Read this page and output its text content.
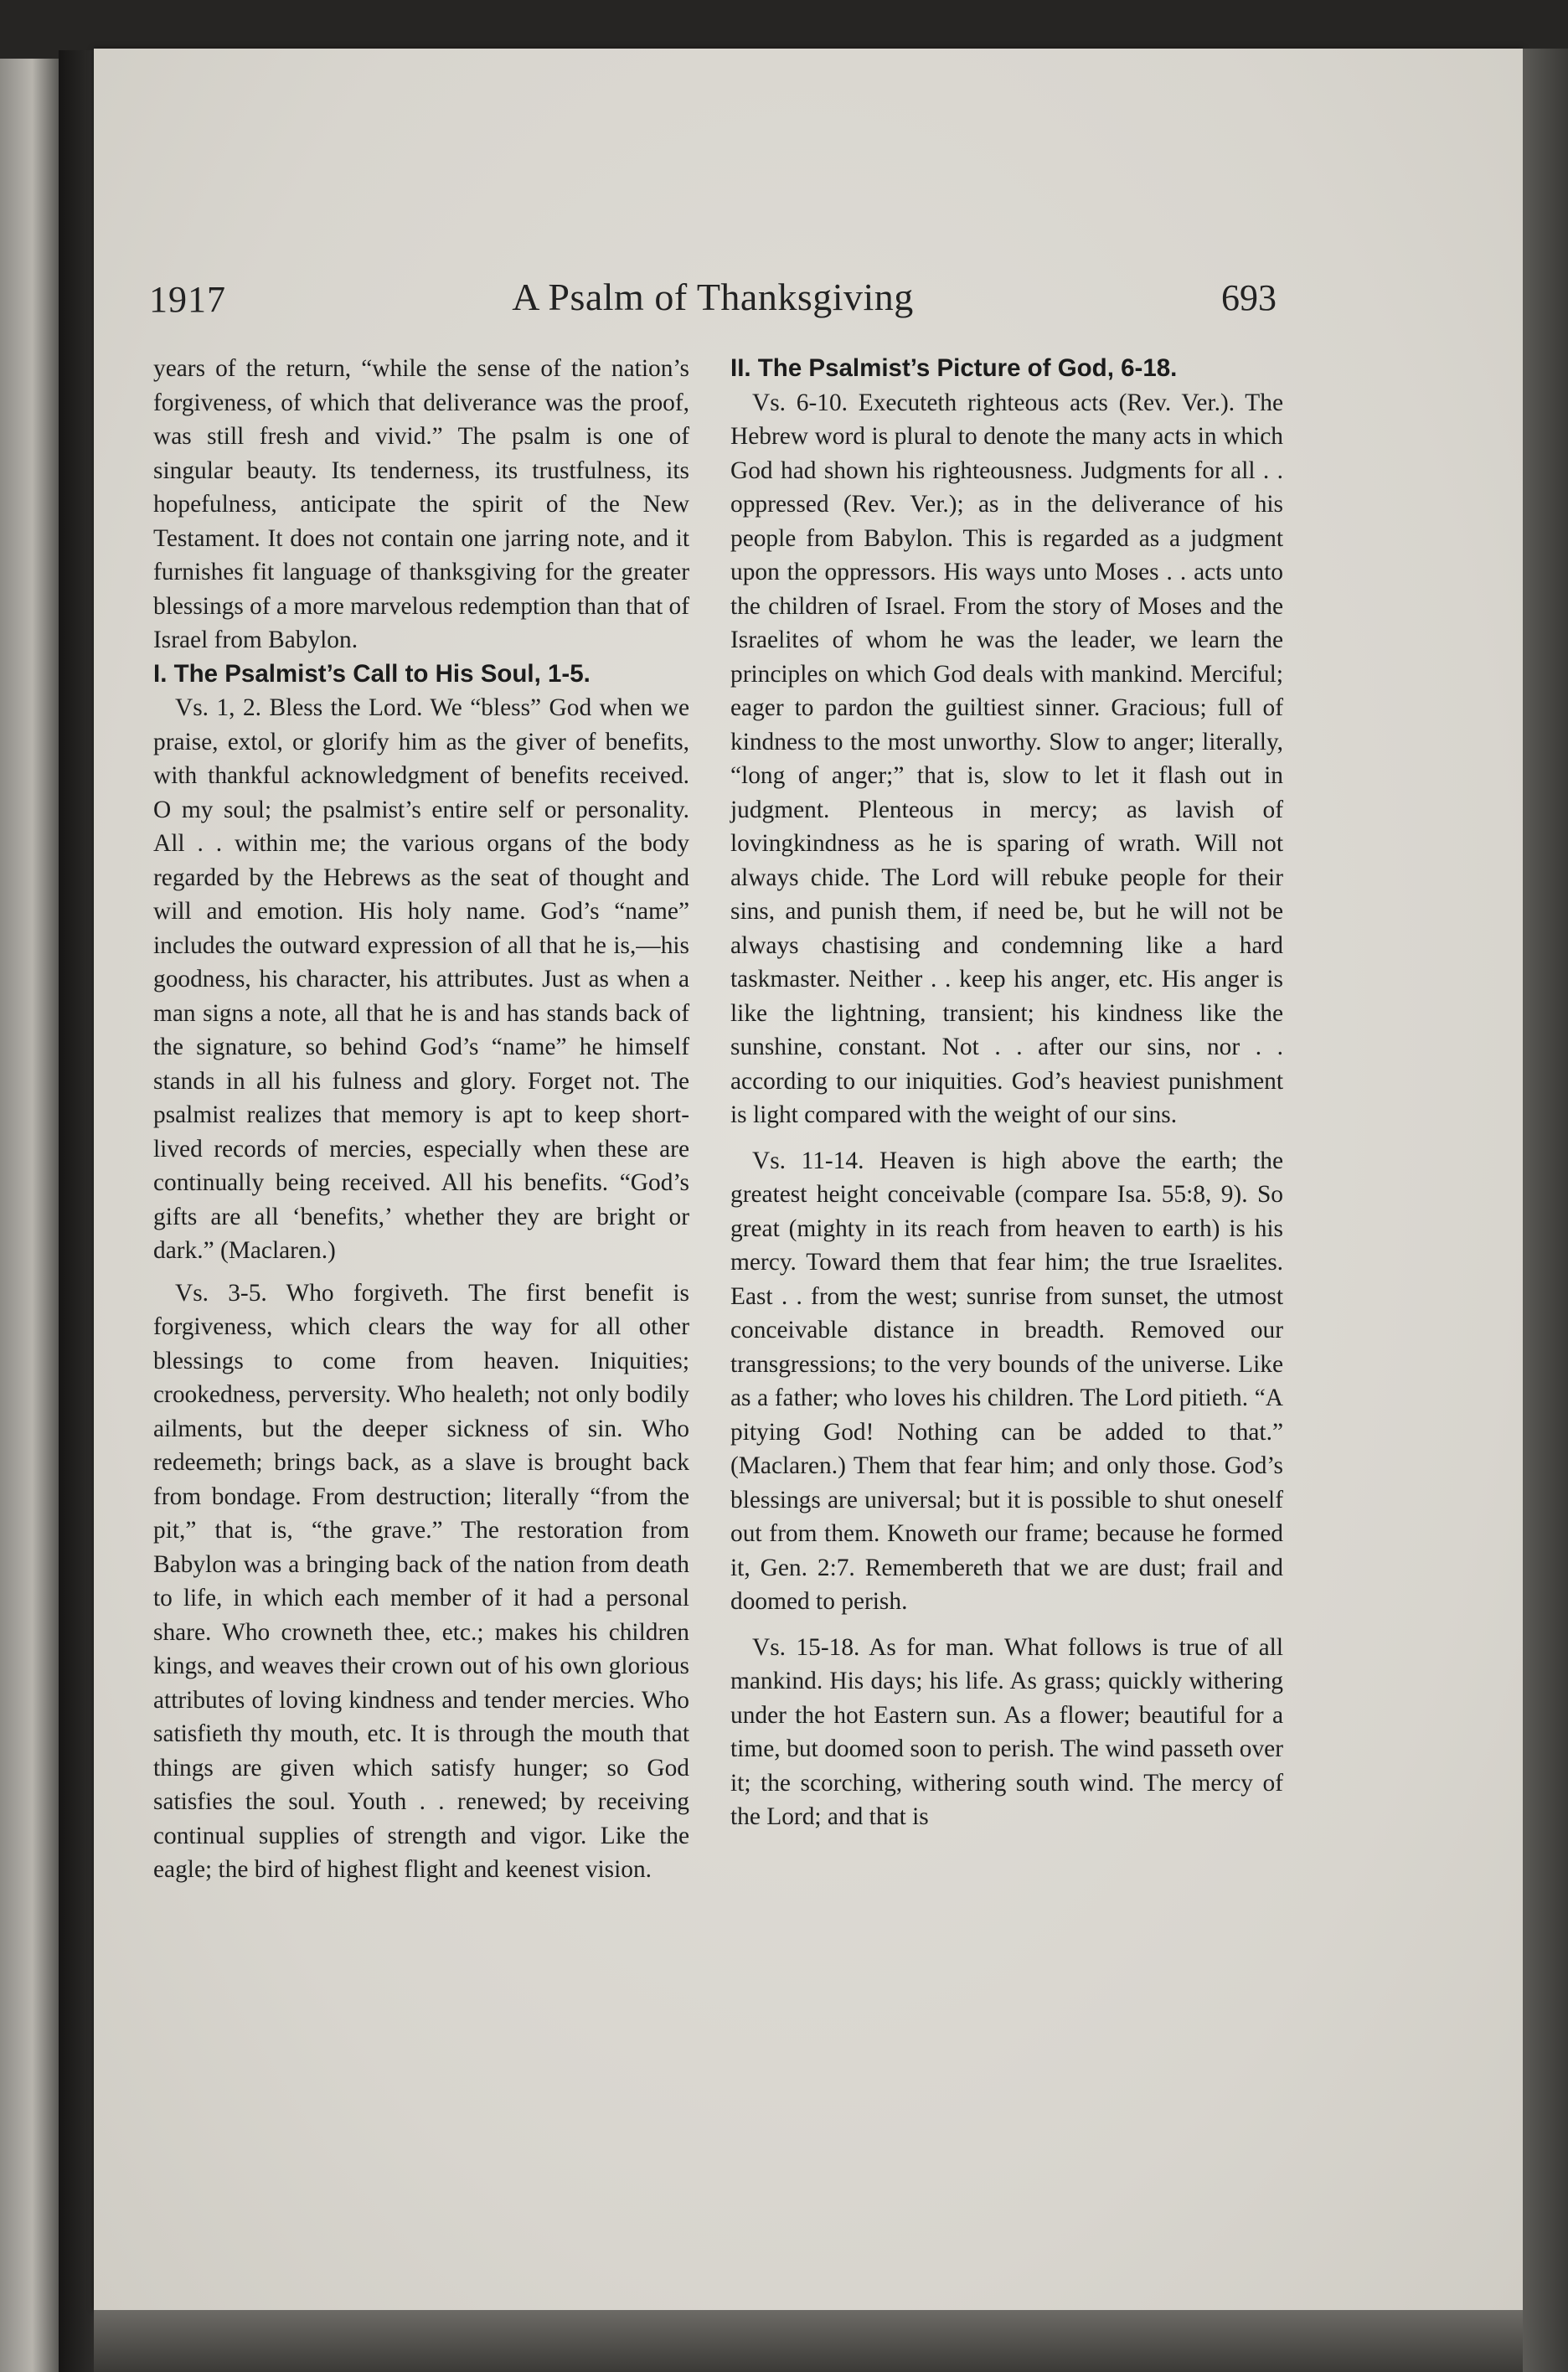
1917	A Psalm of Thanksgiving	693

years of the return, “while the sense of the nation’s forgiveness, of which that deliverance was the proof, was still fresh and vivid.” The psalm is one of singular beauty. Its tenderness, its trustfulness, its hopefulness, anticipate the spirit of the New Testament. It does not contain one jarring note, and it furnishes fit language of thanksgiving for the greater blessings of a more marvelous redemption than that of Israel from Babylon.

I. The Psalmist’s Call to His Soul, 1-5.

Vs. 1, 2. Bless the Lord. We “bless” God when we praise, extol, or glorify him as the giver of benefits, with thankful acknowledgment of benefits received. O my soul; the psalmist’s entire self or personality. All . . within me; the various organs of the body regarded by the Hebrews as the seat of thought and will and emotion. His holy name. God’s “name” includes the outward expression of all that he is,—his goodness, his character, his attributes. Just as when a man signs a note, all that he is and has stands back of the signature, so behind God’s “name” he himself stands in all his fulness and glory. Forget not. The psalmist realizes that memory is apt to keep short-lived records of mercies, especially when these are continually being received. All his benefits. “God’s gifts are all ‘benefits,’ whether they are bright or dark.” (Maclaren.)

Vs. 3-5. Who forgiveth. The first benefit is forgiveness, which clears the way for all other blessings to come from heaven. Iniquities; crookedness, perversity. Who healeth; not only bodily ailments, but the deeper sickness of sin. Who redeemeth; brings back, as a slave is brought back from bondage. From destruction; literally “from the pit,” that is, “the grave.” The restoration from Babylon was a bringing back of the nation from death to life, in which each member of it had a personal share. Who crowneth thee, etc.; makes his children kings, and weaves their crown out of his own glorious attributes of loving kindness and tender mercies. Who satisfieth thy mouth, etc. It is through the mouth that things are given which satisfy hunger; so God satisfies the soul. Youth . . renewed; by receiving continual supplies of strength and vigor. Like the eagle; the bird of highest flight and keenest vision.

II. The Psalmist’s Picture of God, 6-18.

Vs. 6-10. Executeth righteous acts (Rev. Ver.). The Hebrew word is plural to denote the many acts in which God had shown his righteousness. Judgments for all . . oppressed (Rev. Ver.); as in the deliverance of his people from Babylon. This is regarded as a judgment upon the oppressors. His ways unto Moses . . acts unto the children of Israel. From the story of Moses and the Israelites of whom he was the leader, we learn the principles on which God deals with mankind. Merciful; eager to pardon the guiltiest sinner. Gracious; full of kindness to the most unworthy. Slow to anger; literally, “long of anger;” that is, slow to let it flash out in judgment. Plenteous in mercy; as lavish of lovingkindness as he is sparing of wrath. Will not always chide. The Lord will rebuke people for their sins, and punish them, if need be, but he will not be always chastising and condemning like a hard taskmaster. Neither . . keep his anger, etc. His anger is like the lightning, transient; his kindness like the sunshine, constant. Not . . after our sins, nor . . according to our iniquities. God’s heaviest punishment is light compared with the weight of our sins.

Vs. 11-14. Heaven is high above the earth; the greatest height conceivable (compare Isa. 55:8, 9). So great (mighty in its reach from heaven to earth) is his mercy. Toward them that fear him; the true Israelites. East . . from the west; sunrise from sunset, the utmost conceivable distance in breadth. Removed our transgressions; to the very bounds of the universe. Like as a father; who loves his children. The Lord pitieth. “A pitying God! Nothing can be added to that.” (Maclaren.) Them that fear him; and only those. God’s blessings are universal; but it is possible to shut oneself out from them. Knoweth our frame; because he formed it, Gen. 2:7. Remembereth that we are dust; frail and doomed to perish.

Vs. 15-18. As for man. What follows is true of all mankind. His days; his life. As grass; quickly withering under the hot Eastern sun. As a flower; beautiful for a time, but doomed soon to perish. The wind passeth over it; the scorching, withering south wind. The mercy of the Lord; and that is
